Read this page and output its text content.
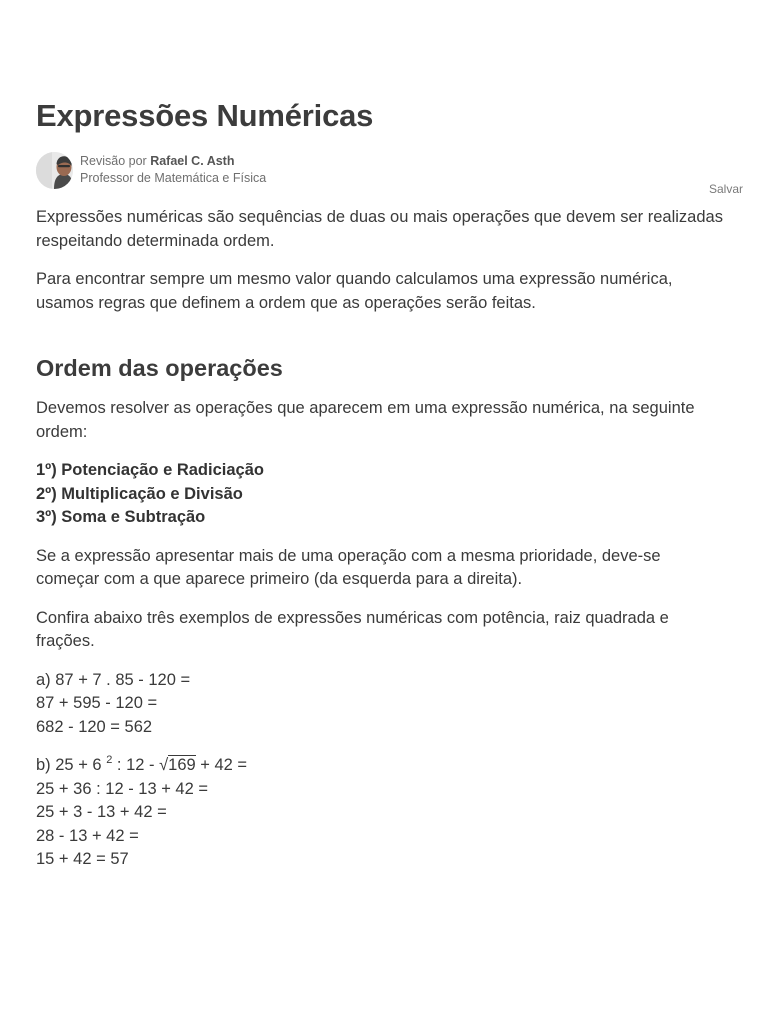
Expressões Numéricas
Revisão por Rafael C. Asth
Professor de Matemática e Física
Salvar

Expressões numéricas são sequências de duas ou mais operações que devem ser realizadas respeitando determinada ordem.

Para encontrar sempre um mesmo valor quando calculamos uma expressão numérica, usamos regras que definem a ordem que as operações serão feitas.

Ordem das operações

Devemos resolver as operações que aparecem em uma expressão numérica, na seguinte ordem:

1º) Potenciação e Radiciação
2º) Multiplicação e Divisão
3º) Soma e Subtração

Se a expressão apresentar mais de uma operação com a mesma prioridade, deve-se começar com a que aparece primeiro (da esquerda para a direita).

Confira abaixo três exemplos de expressões numéricas com potência, raiz quadrada e frações.

a) 87 + 7 . 85 - 120 =
87 + 595 - 120 =
682 - 120 = 562

b) 25 + 6 $^2$ : 12 - √169 + 42 =
25 + 36 : 12 - 13 + 42 =
25 + 3 - 13 + 42 =
28 - 13 + 42 =
15 + 42 = 57
